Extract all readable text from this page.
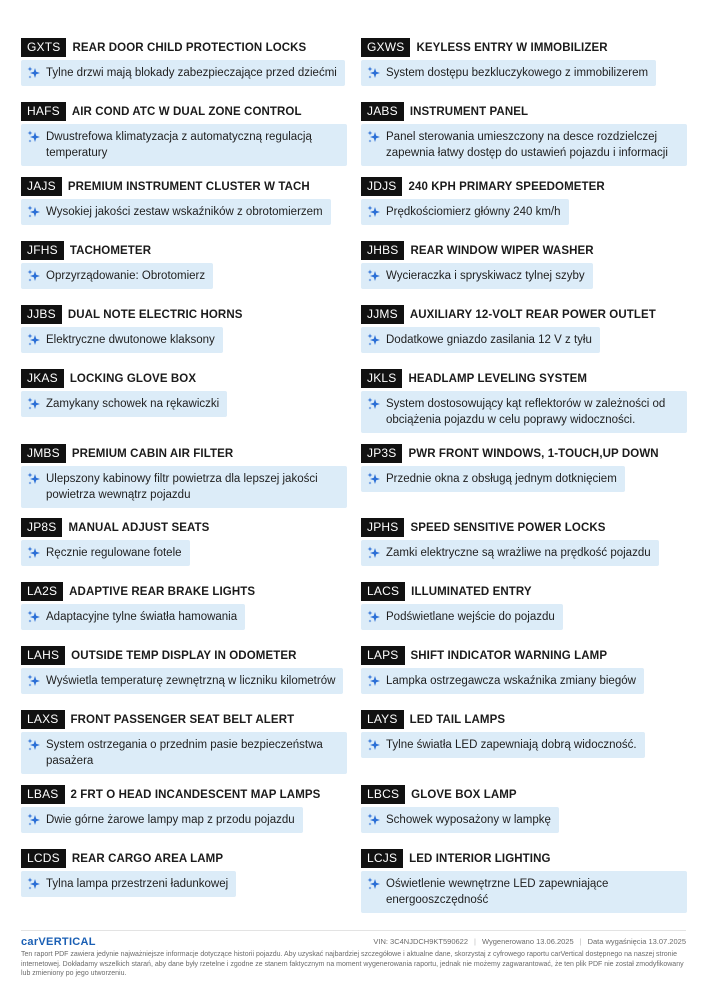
GXTS	REAR DOOR CHILD PROTECTION LOCKS
Tylne drzwi mają blokady zabezpieczające przed dziećmi
HAFS	AIR COND ATC W DUAL ZONE CONTROL
Dwustrefowa klimatyzacja z automatyczną regulacją temperatury
JAJS	PREMIUM INSTRUMENT CLUSTER W TACH
Wysokiej jakości zestaw wskaźników z obrotomierzem
JFHS	TACHOMETER
Oprzyrządowanie: Obrotomierz
JJBS	DUAL NOTE ELECTRIC HORNS
Elektryczne dwutonowe klaksony
JKAS	LOCKING GLOVE BOX
Zamykany schowek na rękawiczki
JMBS	PREMIUM CABIN AIR FILTER
Ulepszony kabinowy filtr powietrza dla lepszej jakości powietrza wewnątrz pojazdu
JP8S	MANUAL ADJUST SEATS
Ręcznie regulowane fotele
LA2S	ADAPTIVE REAR BRAKE LIGHTS
Adaptacyjne tylne światła hamowania
LAHS	OUTSIDE TEMP DISPLAY IN ODOMETER
Wyświetla temperaturę zewnętrzną w liczniku kilometrów
LAXS	FRONT PASSENGER SEAT BELT ALERT
System ostrzegania o przednim pasie bezpieczeństwa pasażera
LBAS	2 FRT O HEAD INCANDESCENT MAP LAMPS
Dwie górne żarowe lampy map z przodu pojazdu
LCDS	REAR CARGO AREA LAMP
Tylna lampa przestrzeni ładunkowej
GXWS	KEYLESS ENTRY W IMMOBILIZER
System dostępu bezkluczykowego z immobilizerem
JABS	INSTRUMENT PANEL
Panel sterowania umieszczony na desce rozdzielczej zapewnia łatwy dostęp do ustawień pojazdu i informacji
JDJS	240 KPH PRIMARY SPEEDOMETER
Prędkościomierz główny 240 km/h
JHBS	REAR WINDOW WIPER WASHER
Wycieraczka i spryskiwacz tylnej szyby
JJMS	AUXILIARY 12-VOLT REAR POWER OUTLET
Dodatkowe gniazdo zasilania 12 V z tyłu
JKLS	HEADLAMP LEVELING SYSTEM
System dostosowujący kąt reflektorów w zależności od obciążenia pojazdu w celu poprawy widoczności.
JP3S	PWR FRONT WINDOWS, 1-TOUCH,UP DOWN
Przednie okna z obsługą jednym dotknięciem
JPHS	SPEED SENSITIVE POWER LOCKS
Zamki elektryczne są wrażliwe na prędkość pojazdu
LACS	ILLUMINATED ENTRY
Podświetlane wejście do pojazdu
LAPS	SHIFT INDICATOR WARNING LAMP
Lampka ostrzegawcza wskaźnika zmiany biegów
LAYS	LED TAIL LAMPS
Tylne światła LED zapewniają dobrą widoczność.
LBCS	GLOVE BOX LAMP
Schowek wyposażony w lampkę
LCJS	LED INTERIOR LIGHTING
Oświetlenie wewnętrzne LED zapewniające energooszczędność
carVERTICAL	VIN: 3C4NJDCH9KT590622 | Wygenerowano 13.06.2025 | Data wygaśnięcia 13.07.2025
Ten raport PDF zawiera jedynie najważniejsze informacje dotyczące historii pojazdu. Aby uzyskać najbardziej szczegółowe i aktualne dane, skorzystaj z cyfrowego raportu carVertical dostępnego na naszej stronie internetowej. Dokładamy wszelkich starań, aby dane były rzetelne i zgodne ze stanem faktycznym na moment wygenerowania raportu, jednak nie możemy zagwarantować, że ten plik PDF nie został zmodyfikowany lub zmieniony po jego utworzeniu.
